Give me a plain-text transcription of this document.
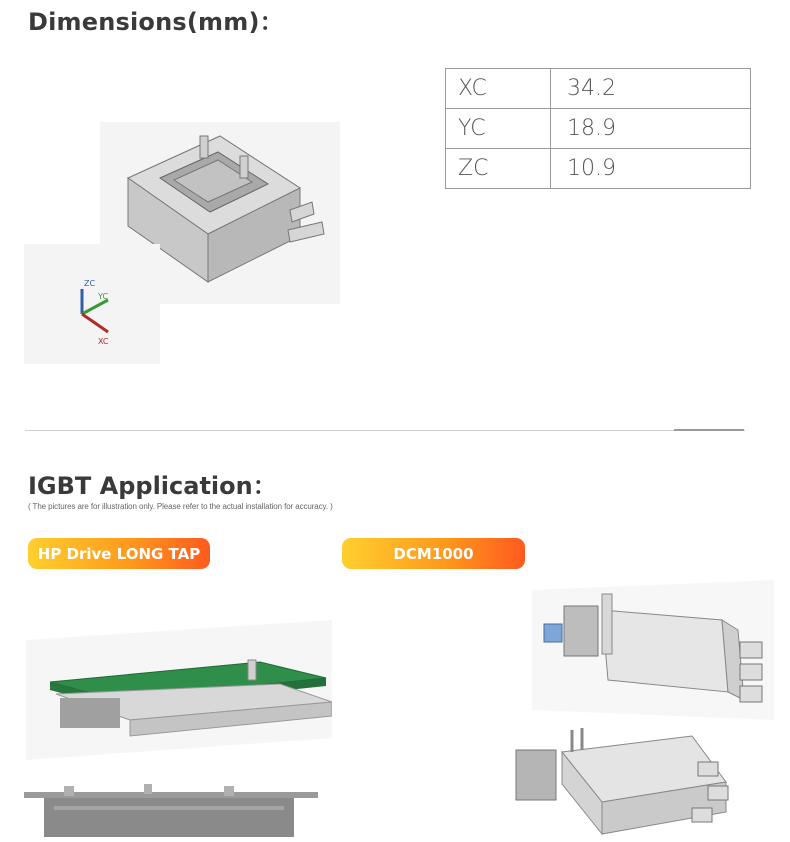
Dimensions(mm)：
ZC
YC
XC
XC	34.2
YC	18.9
ZC	10.9
IGBT Application：
( The pictures are for illustration only. Please refer to the actual installation for accuracy. )
HP Drive LONG TAP	DCM1000
